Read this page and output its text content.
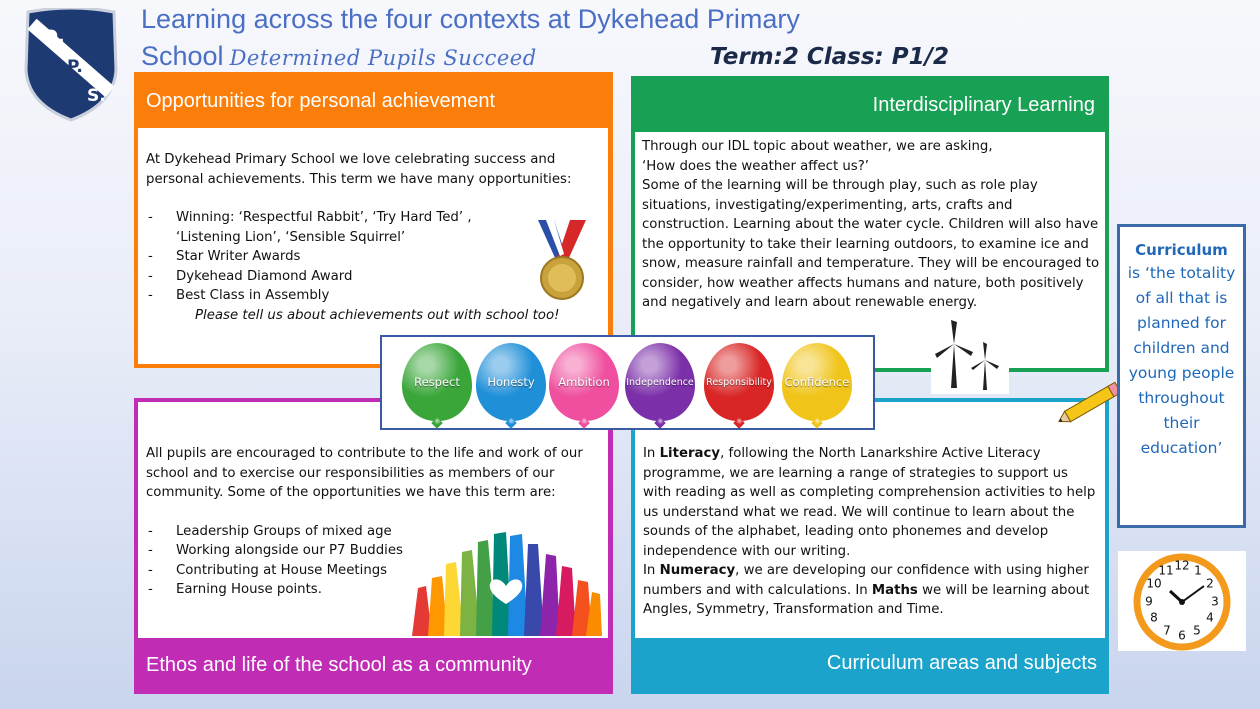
D.
P.
S.
Learning across the four contexts at Dykehead Primary
School Determined Pupils Succeed	Term:2 Class: P1/2
Opportunities for personal achievement

At Dykehead Primary School we love celebrating success and personal achievements. This term we have many opportunities:

- Winning: ‘Respectful Rabbit’, ‘Try Hard Ted’ ,
‘Listening Lion’, ‘Sensible Squirrel’
- Star Writer Awards
- Dykehead Diamond Award
- Best Class in Assembly

Please tell us about achievements out with school too!

Interdisciplinary Learning

Through our IDL topic about weather, we are asking,

‘How does the weather affect us?’

Some of the learning will be through play, such as role play situations, investigating/experimenting, arts, crafts and construction. Learning about the water cycle. Children will also have the opportunity to take their learning outdoors, to examine ice and snow, measure rainfall and temperature. They will be encouraged to consider, how weather affects humans and nature, both positively and negatively and learn about renewable energy.

All pupils are encouraged to contribute to the life and work of our school and to exercise our responsibilities as members of our community. Some of the opportunities we have this term are:

- Leadership Groups of mixed age
- Working alongside our P7 Buddies
- Contributing at House Meetings
- Earning House points.
Ethos and life of the school as a community

In Literacy, following the North Lanarkshire Active Literacy programme, we are learning a range of strategies to support us with reading as well as completing comprehension activities to help us understand what we read. We will continue to learn about the sounds of the alphabet, leading onto phonemes and develop independence with our writing.

In Numeracy, we are developing our confidence with using higher numbers and with calculations. In Maths we will be learning about Angles, Symmetry, Transformation and Time.

Curriculum areas and subjects
Respect	Honesty	Ambition	Independence Responsibility Confidence
Curriculum
is ‘the totality of all that is planned for children and young people throughout their education’
12 1
2
3
4
5
6
7
8
9
10
11
